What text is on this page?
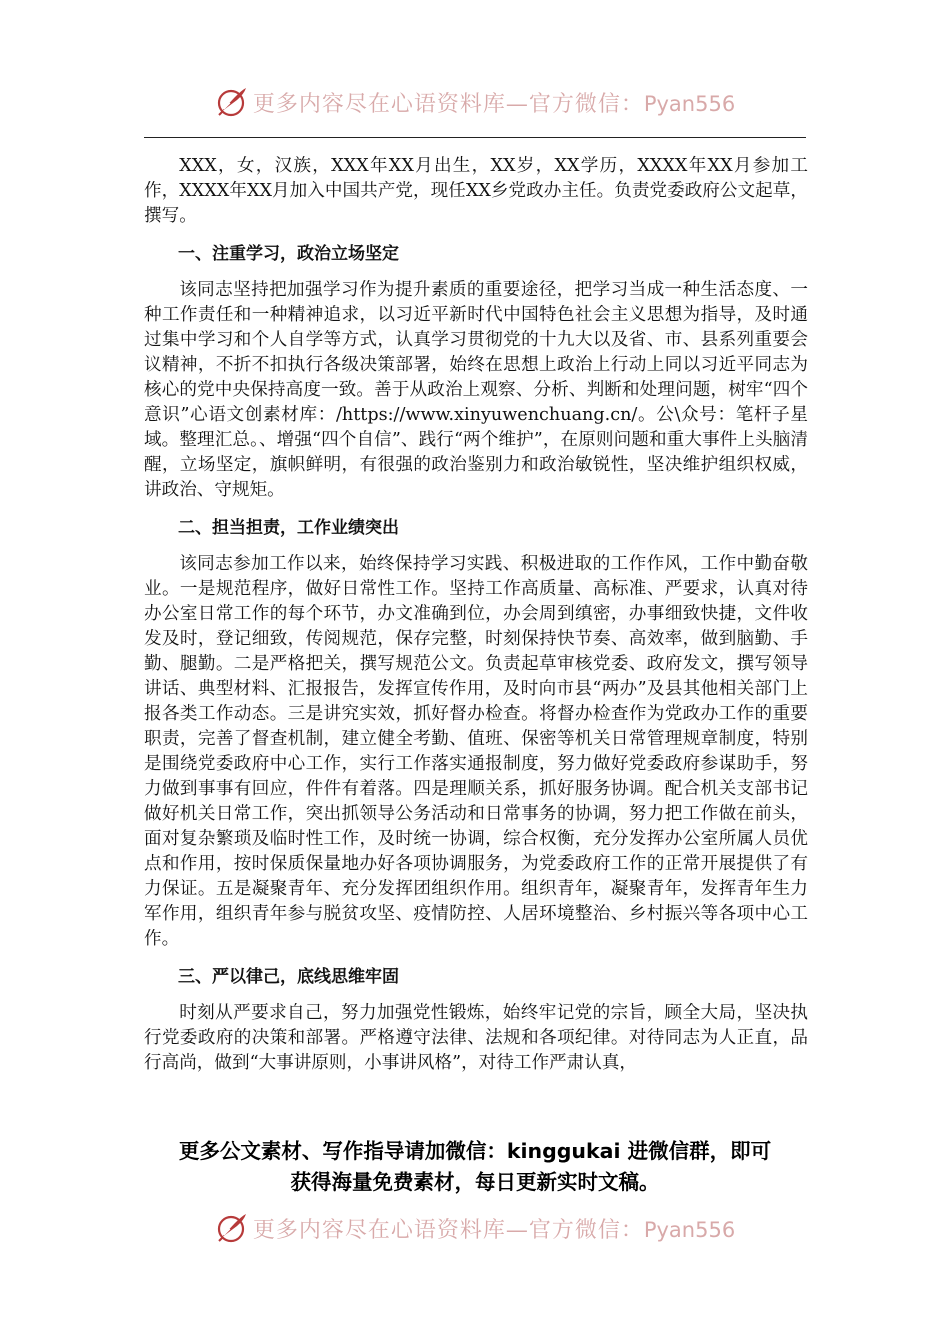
更多内容尽在心语资料库—官方微信：Pyan556

XXX，女，汉族，XXX年XX月出生，XX岁，XX学历，XXXX年XX月参加工作，XXXX年XX月加入中国共产党，现任XX乡党政办主任。负责党委政府公文起草，撰写。

一、注重学习，政治立场坚定

该同志坚持把加强学习作为提升素质的重要途径，把学习当成一种生活态度、一种工作责任和一种精神追求，以习近平新时代中国特色社会主义思想为指导，及时通过集中学习和个人自学等方式，认真学习贯彻党的十九大以及省、市、县系列重要会议精神，不折不扣执行各级决策部署，始终在思想上政治上行动上同以习近平同志为核心的党中央保持高度一致。善于从政治上观察、分析、判断和处理问题，树牢“四个意识”心语文创素材库：/https://www.xinyuwenchuang.cn/。公\众号：笔杆子星域。整理汇总。、增强“四个自信”、践行“两个维护”，在原则问题和重大事件上头脑清醒，立场坚定，旗帜鲜明，有很强的政治鉴别力和政治敏锐性，坚决维护组织权威，讲政治、守规矩。

二、担当担责，工作业绩突出

该同志参加工作以来，始终保持学习实践、积极进取的工作作风，工作中勤奋敬业。一是规范程序，做好日常性工作。坚持工作高质量、高标准、严要求，认真对待办公室日常工作的每个环节，办文准确到位，办会周到缜密，办事细致快捷，文件收发及时，登记细致，传阅规范，保存完整，时刻保持快节奏、高效率，做到脑勤、手勤、腿勤。二是严格把关，撰写规范公文。负责起草审核党委、政府发文，撰写领导讲话、典型材料、汇报报告，发挥宣传作用，及时向市县“两办”及县其他相关部门上报各类工作动态。三是讲究实效，抓好督办检查。将督办检查作为党政办工作的重要职责，完善了督查机制，建立健全考勤、值班、保密等机关日常管理规章制度，特别是围绕党委政府中心工作，实行工作落实通报制度，努力做好党委政府参谋助手，努力做到事事有回应，件件有着落。四是理顺关系，抓好服务协调。配合机关支部书记做好机关日常工作，突出抓领导公务活动和日常事务的协调，努力把工作做在前头，面对复杂繁琐及临时性工作，及时统一协调，综合权衡，充分发挥办公室所属人员优点和作用，按时保质保量地办好各项协调服务，为党委政府工作的正常开展提供了有力保证。五是凝聚青年、充分发挥团组织作用。组织青年，凝聚青年，发挥青年生力军作用，组织青年参与脱贫攻坚、疫情防控、人居环境整治、乡村振兴等各项中心工作。

三、严以律己，底线思维牢固

时刻从严要求自己，努力加强党性锻炼，始终牢记党的宗旨，顾全大局，坚决执行党委政府的决策和部署。严格遵守法律、法规和各项纪律。对待同志为人正直，品行高尚，做到“大事讲原则，小事讲风格”，对待工作严肃认真，

更多公文素材、写作指导请加微信：kinggukai 进微信群，即可
获得海量免费素材，每日更新实时文稿。
更多内容尽在心语资料库—官方微信：Pyan556
